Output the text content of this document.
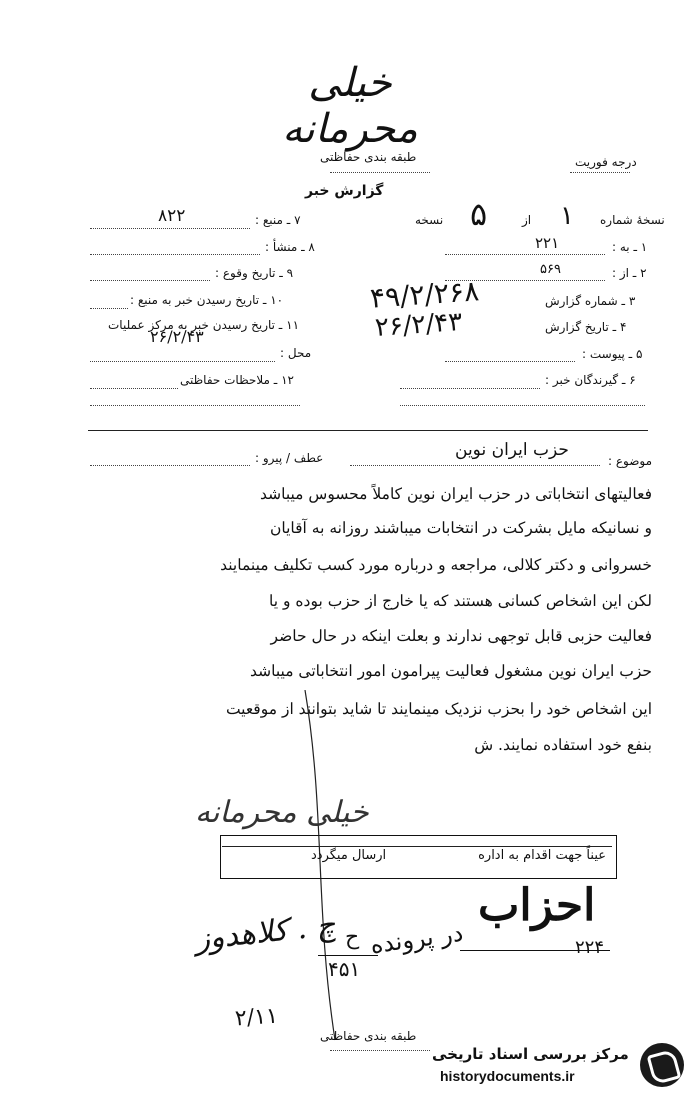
خیلی محرمانه
طبقه بندی حفاظتی	درجه فوریت
گزارش خبر
نسخهٔ شماره
۱
از
۵
نسخه
۱ ـ به :
۲۲۱
۲ ـ از :
۵۶۹
۳ ـ شماره گزارش
۴۹/۲/۲۶۸
۴ ـ تاریخ گزارش
۲۶/۲/۴۳
۵ ـ پیوست :
۶ ـ گیرندگان خبر :
۷ ـ منبع :
۸۲۲
۸ ـ منشأ :
۹ ـ تاریخ وقوع :
۱۰ ـ تاریخ رسیدن خبر به منبع :
۱۱ ـ تاریخ رسیدن خبر به مرکز عملیات
۲۶/۲/۴۳
محل :
۱۲ ـ ملاحظات حفاظتی
موضوع :
حزب ایران نوین
عطف / پیرو :
فعالیتهای انتخاباتی در حزب ایران نوین کاملاً محسوس میباشد
و نسانیکه مایل بشرکت در انتخابات میباشند روزانه به آقایان
خسروانی و دکتر کلالی، مراجعه و درباره مورد کسب تکلیف مینمایند
لکن این اشخاص کسانی هستند که یا خارج از حزب بوده و یا
فعالیت حزبی قابل توجهی ندارند و بعلت اینکه در حال حاضر
حزب ایران نوین مشغول فعالیت پیرامون امور انتخاباتی میباشد
این اشخاص خود را بحزب نزدیک مینمایند تا شاید بتوانند از موقعیت
بنفع خود استفاده نمایند. ش
خیلی محرمانه
عیناً جهت اقدام به اداره
ارسال میگردد
احزاب
۲۲۴
در پرونده
چ . کلاهدوز ح
۴۵۱
۲/۱۱
طبقه بندی حفاظتی
مرکز بررسی اسناد تاریخی
historydocuments.ir
